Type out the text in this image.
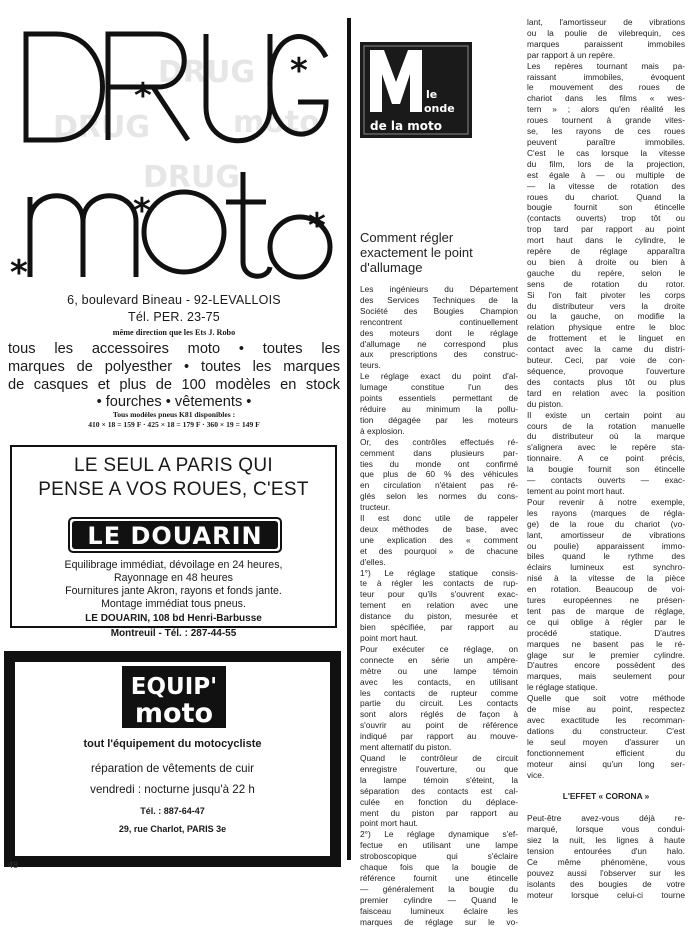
DRUG
moto
DRUG
DRUG
*
*
*	*
*
6, boulevard Bineau - 92-LEVALLOIS
Tél. PER. 23-75
même direction que les Ets J. Robo
tous les accessoires moto • toutes les
marques de polyesther • toutes les marques
de casques et plus de 100 modèles en stock
• fourches • vêtements •
Tous modèles pneus K81 disponibles :
410 × 18 = 159 F · 425 × 18 = 179 F · 360 × 19 = 149 F
LE SEUL A PARIS QUI
PENSE A VOS ROUES, C'EST
LE DOUARIN
Equilibrage immédiat, dévoilage en 24 heures,
Rayonnage en 48 heures
Fournitures jante Akron, rayons et fonds jante.
Montage immédiat tous pneus.
LE DOUARIN, 108 bd Henri-Barbusse
Montreuil - Tél. : 287-44-55
EQUIP'
moto
tout l'équipement du motocycliste
réparation de vêtements de cuir
vendredi : nocturne jusqu'à 22 h
Tél. : 887-64-47
29, rue Charlot, PARIS 3e
le
onde
de la moto
Comment régler
exactement le point
d'allumage
Les ingénieurs du Département
des Services Techniques de la
Société des Bougies Champion
rencontrent continuellement
des moteurs dont le réglage
d'allumage ne correspond plus
aux prescriptions des construc-
teurs.
Le réglage exact du point d'al-
lumage constitue l'un des
points essentiels permettant de
réduire au minimum la pollu-
tion dégagée par les moteurs
à explosion.
Or, des contrôles effectués ré-
cemment dans plusieurs par-
ties du monde ont confirmé
que plus de 60 % des véhicules
en circulation n'étaient pas ré-
glés selon les normes du cons-
tructeur.
Il est donc utile de rappeler
deux méthodes de base, avec
une explication des « comment
et des pourquoi » de chacune
d'elles.
1°) Le réglage statique consis-
te à régler les contacts de rup-
teur pour qu'ils s'ouvrent exac-
tement en relation avec une
distance du piston, mesurée et
bien spécifiée, par rapport au
point mort haut.
Pour exécuter ce réglage, on
connecte en série un ampère-
mètre ou une lampe témoin
avec les contacts, en utilisant
les contacts de rupteur comme
partie du circuit. Les contacts
sont alors réglés de façon à
s'ouvrir au point de référence
indiqué par rapport au mouve-
ment alternatif du piston.
Quand le contrôleur de circuit
enregistre l'ouverture, ou que
la lampe témoin s'éteint, la
séparation des contacts est cal-
culée en fonction du déplace-
ment du piston par rapport au
point mort haut.
2°) Le réglage dynamique s'ef-
fectue en utilisant une lampe
stroboscopique qui s'éclaire
chaque fois que la bougie de
référence fournit une étincelle
— généralement la bougie du
premier cylindre — Quand le
faisceau lumineux éclaire les
marques de réglage sur le vo-
lant, l'amortisseur de vibrations
ou la poulie de vilebrequin, ces
marques paraissent immobiles
par rapport à un repère.
Les repères tournant mais pa-
raissant immobiles, évoquent
le mouvement des roues de
chariot dans les films « wes-
tern » ; alors qu'en réalité les
roues tournent à grande vites-
se, les rayons de ces roues
peuvent paraître immobiles.
C'est le cas lorsque la vitesse
du film, lors de la projection,
est égale à — ou multiple de
— la vitesse de rotation des
roues du chariot. Quand la
bougie fournit son étincelle
(contacts ouverts) trop tôt ou
trop tard par rapport au point
mort haut dans le cylindre, le
repère de réglage apparaîtra
ou bien à droite ou bien à
gauche du repère, selon le
sens de rotation du rotor.
Si l'on fait pivoter les corps
du distributeur vers la droite
ou la gauche, on modifie la
relation physique entre le bloc
de frottement et le linguet en
contact avec la came du distri-
buteur. Ceci, par voie de con-
séquence, provoque l'ouverture
des contacts plus tôt ou plus
tard en relation avec la position
du piston.
Il existe un certain point au
cours de la rotation manuelle
du distributeur où la marque
s'alignera avec le repère sta-
tionnaire. A ce point précis,
la bougie fournit son étincelle
— contacts ouverts — exac-
tement au point mort haut.
Pour revenir à notre exemple,
les rayons (marques de régla-
ge) de la roue du chariot (vo-
lant, amortisseur de vibrations
ou poulie) apparaissent immo-
biles quand le rythme des
éclairs lumineux est synchro-
nisé à la vitesse de la pièce
en rotation. Beaucoup de voi-
tures européennes ne présen-
tent pas de marque de réglage,
ce qui oblige à régler par le
procédé statique. D'autres
marques ne basent pas le ré-
glage sur le premier cylindre.
D'autres encore possèdent des
marques, mais seulement pour
le réglage statique.
Quelle que soit votre méthode
de mise au point, respectez
avec exactitude les recomman-
dations du constructeur. C'est
le seul moyen d'assurer un
fonctionnement efficient du
moteur ainsi qu'un long ser-
vice.
L'EFFET « CORONA »
Peut-être avez-vous déjà re-
marqué, lorsque vous condui-
siez la nuit, les lignes à haute
tension entourées d'un halo.
Ce même phénomène, vous
pouvez aussi l'observer sur les
isolants des bougies de votre
moteur lorsque celui-ci tourne
48
